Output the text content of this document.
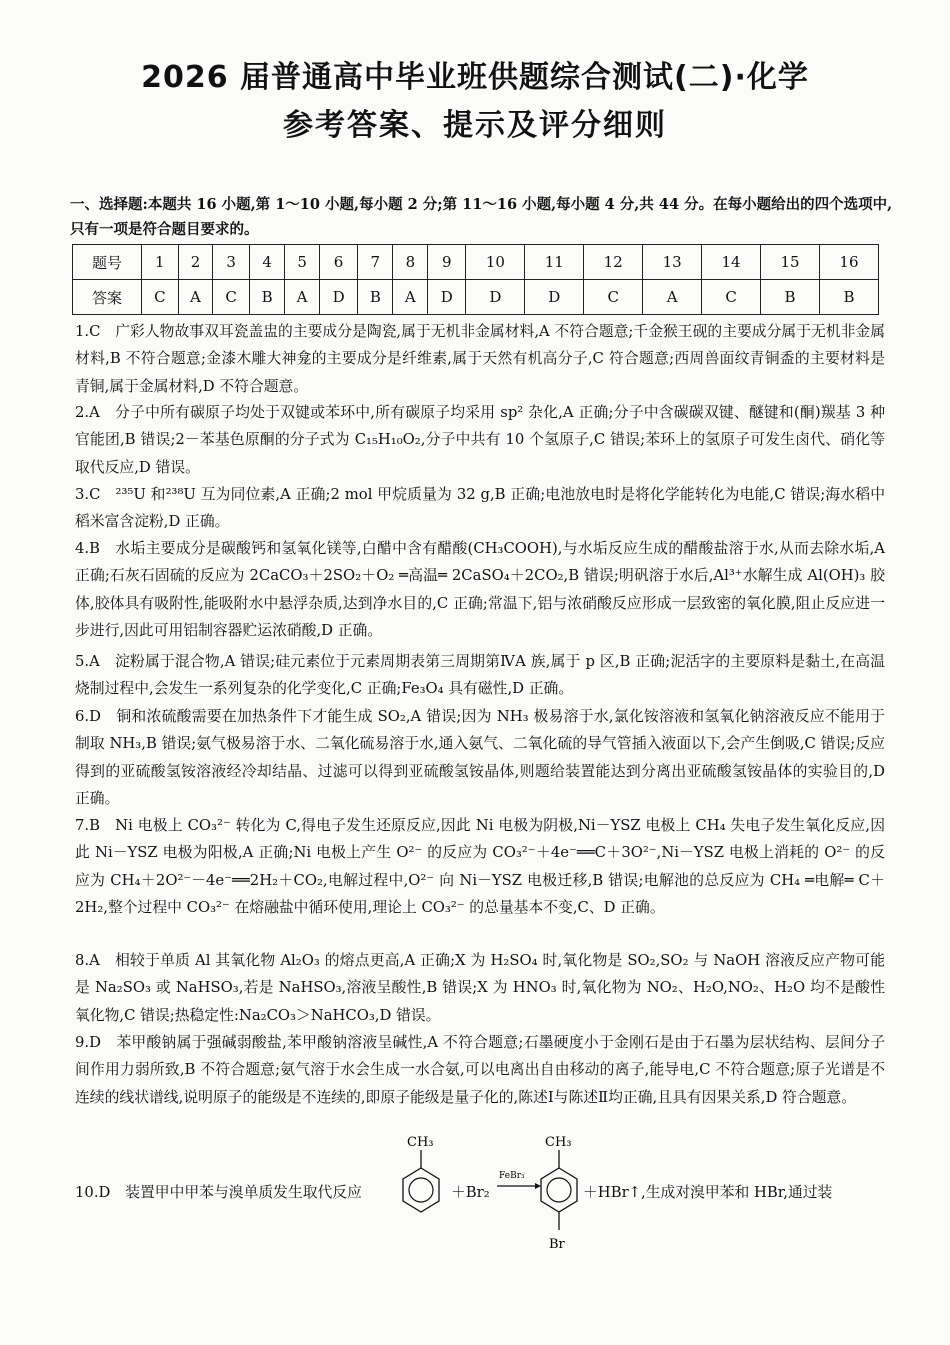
2026 届普通高中毕业班供题综合测试(二)·化学
参考答案、提示及评分细则
一、选择题:本题共 16 小题,第 1～10 小题,每小题 2 分;第 11～16 小题,每小题 4 分,共 44 分。在每小题给出的四个选项中,只有一项是符合题目要求的。
题号	1	2	3	4	5	6	7	8	9	10	11	12	13	14	15	16
答案	C	A	C	B	A	D	B	A	D	D	D	C	A	C	B	B
1.C　广彩人物故事双耳瓷盖盅的主要成分是陶瓷,属于无机非金属材料,A 不符合题意;千金猴王砚的主要成分属于无机非金属材料,B 不符合题意;金漆木雕大神龛的主要成分是纤维素,属于天然有机高分子,C 符合题意;西周兽面纹青铜盉的主要材料是青铜,属于金属材料,D 不符合题意。
2.A　分子中所有碳原子均处于双键或苯环中,所有碳原子均采用 sp² 杂化,A 正确;分子中含碳碳双键、醚键和(酮)羰基 3 种官能团,B 错误;2－苯基色原酮的分子式为 C₁₅H₁₀O₂,分子中共有 10 个氢原子,C 错误;苯环上的氢原子可发生卤代、硝化等取代反应,D 错误。
3.C　²³⁵U 和²³⁸U 互为同位素,A 正确;2 mol 甲烷质量为 32 g,B 正确;电池放电时是将化学能转化为电能,C 错误;海水稻中稻米富含淀粉,D 正确。
4.B　水垢主要成分是碳酸钙和氢氧化镁等,白醋中含有醋酸(CH₃COOH),与水垢反应生成的醋酸盐溶于水,从而去除水垢,A 正确;石灰石固硫的反应为 2CaCO₃＋2SO₂＋O₂ ═高温═ 2CaSO₄＋2CO₂,B 错误;明矾溶于水后,Al³⁺水解生成 Al(OH)₃ 胶体,胶体具有吸附性,能吸附水中悬浮杂质,达到净水目的,C 正确;常温下,铝与浓硝酸反应形成一层致密的氧化膜,阻止反应进一步进行,因此可用铝制容器贮运浓硝酸,D 正确。
5.A　淀粉属于混合物,A 错误;硅元素位于元素周期表第三周期第ⅣA 族,属于 p 区,B 正确;泥活字的主要原料是黏土,在高温烧制过程中,会发生一系列复杂的化学变化,C 正确;Fe₃O₄ 具有磁性,D 正确。
6.D　铜和浓硫酸需要在加热条件下才能生成 SO₂,A 错误;因为 NH₃ 极易溶于水,氯化铵溶液和氢氧化钠溶液反应不能用于制取 NH₃,B 错误;氨气极易溶于水、二氧化硫易溶于水,通入氨气、二氧化硫的导气管插入液面以下,会产生倒吸,C 错误;反应得到的亚硫酸氢铵溶液经冷却结晶、过滤可以得到亚硫酸氢铵晶体,则题给装置能达到分离出亚硫酸氢铵晶体的实验目的,D 正确。
7.B　Ni 电极上 CO₃²⁻ 转化为 C,得电子发生还原反应,因此 Ni 电极为阴极,Ni－YSZ 电极上 CH₄ 失电子发生氧化反应,因此 Ni－YSZ 电极为阳极,A 正确;Ni 电极上产生 O²⁻ 的反应为 CO₃²⁻＋4e⁻══C＋3O²⁻,Ni－YSZ 电极上消耗的 O²⁻ 的反应为 CH₄＋2O²⁻－4e⁻══2H₂＋CO₂,电解过程中,O²⁻ 向 Ni－YSZ 电极迁移,B 错误;电解池的总反应为 CH₄ ═电解═ C＋2H₂,整个过程中 CO₃²⁻ 在熔融盐中循环使用,理论上 CO₃²⁻ 的总量基本不变,C、D 正确。
8.A　相较于单质 Al 其氧化物 Al₂O₃ 的熔点更高,A 正确;X 为 H₂SO₄ 时,氧化物是 SO₂,SO₂ 与 NaOH 溶液反应产物可能是 Na₂SO₃ 或 NaHSO₃,若是 NaHSO₃,溶液呈酸性,B 错误;X 为 HNO₃ 时,氧化物为 NO₂、H₂O,NO₂、H₂O 均不是酸性氧化物,C 错误;热稳定性:Na₂CO₃＞NaHCO₃,D 错误。
9.D　苯甲酸钠属于强碱弱酸盐,苯甲酸钠溶液呈碱性,A 不符合题意;石墨硬度小于金刚石是由于石墨为层状结构、层间分子间作用力弱所致,B 不符合题意;氨气溶于水会生成一水合氨,可以电离出自由移动的离子,能导电,C 不符合题意;原子光谱是不连续的线状谱线,说明原子的能级是不连续的,即原子能级是量子化的,陈述Ⅰ与陈述Ⅱ均正确,且具有因果关系,D 符合题意。
10.D　装置甲中甲苯与溴单质发生取代反应
CH₃
＋Br₂
FeBr₃
CH₃
Br
＋HBr↑,生成对溴甲苯和 HBr,通过装
